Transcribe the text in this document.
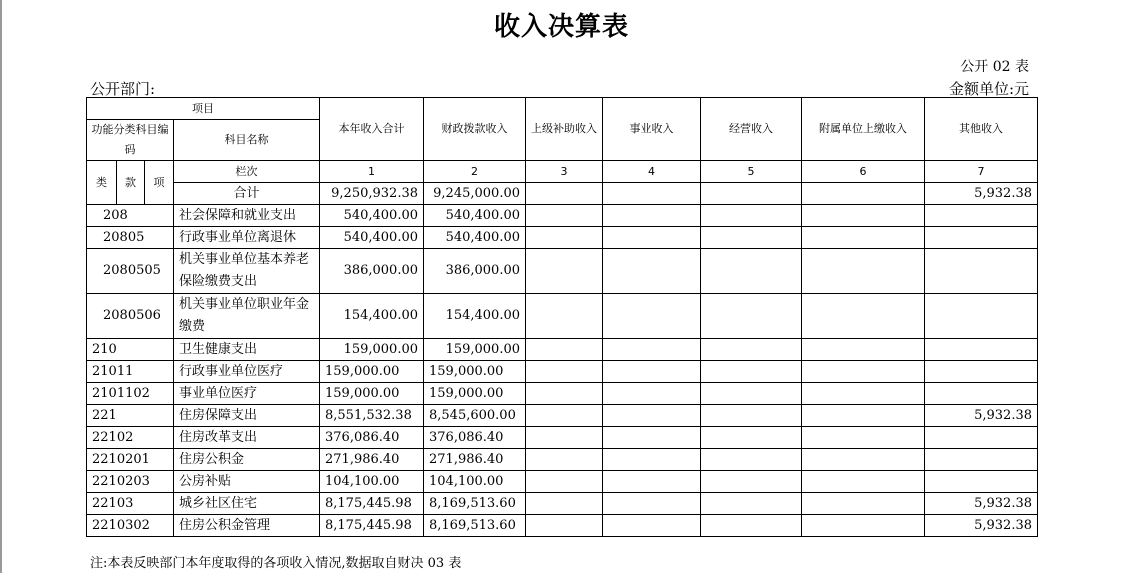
收入决算表
公开 02 表
公开部门:	金额单位:元
项目				本年收入合计	财政拨款收入	上级补助收入	事业收入	经营收入	附属单位上缴收入	其他收入
功能分类科目编码			科目名称							

类	款	项	栏次	1	2	3	4	5	6	7
			合计	9,250,932.38	9,245,000.00					5,932.38
208			社会保障和就业支出	540,400.00	540,400.00					
20805			行政事业单位离退休	540,400.00	540,400.00					
2080505			机关事业单位基本养老保险缴费支出	386,000.00	386,000.00					
2080506			机关事业单位职业年金缴费	154,400.00	154,400.00					
210			卫生健康支出	159,000.00	159,000.00					
21011			行政事业单位医疗	159,000.00	159,000.00					
2101102			事业单位医疗	159,000.00	159,000.00					
221			住房保障支出	8,551,532.38	8,545,600.00					5,932.38
22102			住房改革支出	376,086.40	376,086.40					
2210201			住房公积金	271,986.40	271,986.40					
2210203			公房补贴	104,100.00	104,100.00					
22103			城乡社区住宅	8,175,445.98	8,169,513.60					5,932.38
2210302			住房公积金管理	8,175,445.98	8,169,513.60					5,932.38
注:本表反映部门本年度取得的各项收入情况,数据取自财决 03 表
